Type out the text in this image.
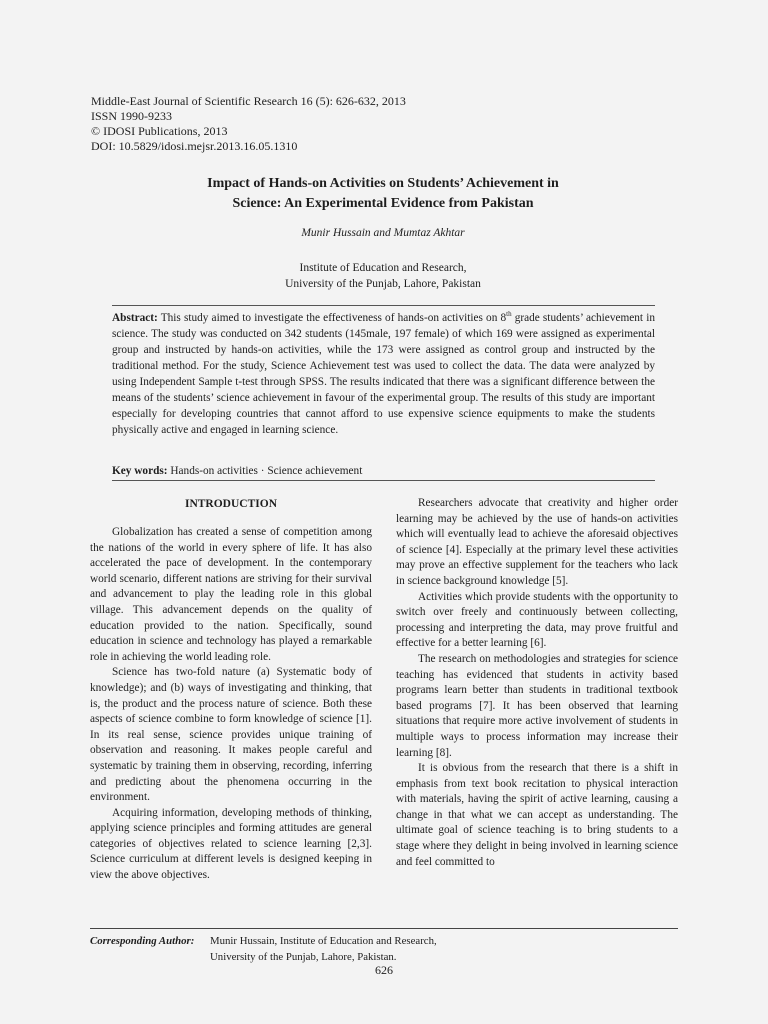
Middle-East Journal of Scientific Research 16 (5): 626-632, 2013
ISSN 1990-9233
© IDOSI Publications, 2013
DOI: 10.5829/idosi.mejsr.2013.16.05.1310
Impact of Hands-on Activities on Students’ Achievement in
Science: An Experimental Evidence from Pakistan
Munir Hussain and Mumtaz Akhtar
Institute of Education and Research,
University of the Punjab, Lahore, Pakistan
Abstract: This study aimed to investigate the effectiveness of hands-on activities on 8th grade students’ achievement in science. The study was conducted on 342 students (145male, 197 female) of which 169 were assigned as experimental group and instructed by hands-on activities, while the 173 were assigned as control group and instructed by the traditional method. For the study, Science Achievement test was used to collect the data. The data were analyzed by using Independent Sample t-test through SPSS. The results indicated that there was a significant difference between the means of the students’ science achievement in favour of the experimental group. The results of this study are important especially for developing countries that cannot afford to use expensive science equipments to make the students physically active and engaged in learning science.
Key words: Hands-on activities · Science achievement
INTRODUCTION

Globalization has created a sense of competition among the nations of the world in every sphere of life. It has also accelerated the pace of development. In the contemporary world scenario, different nations are striving for their survival and advancement to play the leading role in this global village. This advancement depends on the quality of education provided to the nation. Specifically, sound education in science and technology has played a remarkable role in achieving the world leading role.

Science has two-fold nature (a) Systematic body of knowledge); and (b) ways of investigating and thinking, that is, the product and the process nature of science. Both these aspects of science combine to form knowledge of science [1]. In its real sense, science provides unique training of observation and reasoning. It makes people careful and systematic by training them in observing, recording, inferring and predicting about the phenomena occurring in the environment.

Acquiring information, developing methods of thinking, applying science principles and forming attitudes are general categories of objectives related to science learning [2,3]. Science curriculum at different levels is designed keeping in view the above objectives.

Researchers advocate that creativity and higher order learning may be achieved by the use of hands-on activities which will eventually lead to achieve the aforesaid objectives of science [4]. Especially at the primary level these activities may prove an effective supplement for the teachers who lack in science background knowledge [5].

Activities which provide students with the opportunity to switch over freely and continuously between collecting, processing and interpreting the data, may prove fruitful and effective for a better learning [6].

The research on methodologies and strategies for science teaching has evidenced that students in activity based programs learn better than students in traditional textbook based programs [7]. It has been observed that learning situations that require more active involvement of students in multiple ways to process information may increase their learning [8].

It is obvious from the research that there is a shift in emphasis from text book recitation to physical interaction with materials, having the spirit of active learning, causing a change in that what we can accept as understanding. The ultimate goal of science teaching is to bring students to a stage where they delight in being involved in learning science and feel committed to

Corresponding Author: Munir Hussain, Institute of Education and Research,
University of the Punjab, Lahore, Pakistan.
626
